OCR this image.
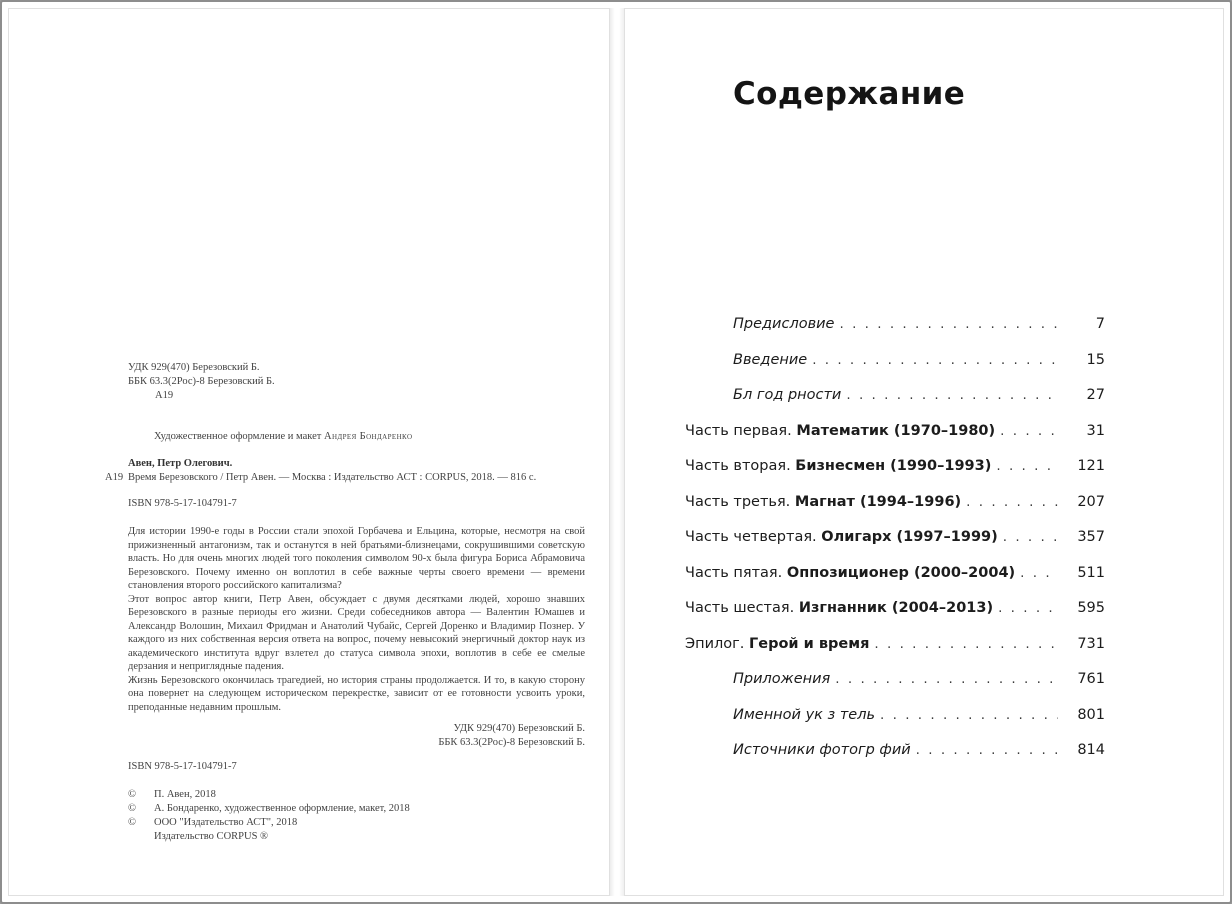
УДК 929(470) Березовский Б.
ББК 63.3(2Рос)-8 Березовский Б.
А19
Художественное оформление и макет Андрея Бондаренко
Авен, Петр Олегович.
А19 Время Березовского / Петр Авен. — Москва : Издательство АСТ : CORPUS, 2018. — 816 с.
ISBN 978-5-17-104791-7

Для истории 1990-е годы в России стали эпохой Горбачева и Ельцина, которые, несмотря на свой прижизненный антагонизм, так и останутся в ней братьями-близнецами, сокрушившими советскую власть. Но для очень многих людей того поколения символом 90-х была фигура Бориса Абрамовича Березовского. Почему именно он воплотил в себе важные черты своего времени — времени становления второго российского капитализма?

Этот вопрос автор книги, Петр Авен, обсуждает с двумя десятками людей, хорошо знавших Березовского в разные периоды его жизни. Среди собеседников автора — Валентин Юмашев и Александр Волошин, Михаил Фридман и Анатолий Чубайс, Сергей Доренко и Владимир Познер. У каждого из них собственная версия ответа на вопрос, почему невысокий энергичный доктор наук из академического института вдруг взлетел до статуса символа эпохи, воплотив в себе ее смелые дерзания и неприглядные падения.

Жизнь Березовского окончилась трагедией, но история страны продолжается. И то, в какую сторону она повернет на следующем историческом перекрестке, зависит от ее готовности усвоить уроки, преподанные недавним прошлым.

УДК 929(470) Березовский Б.
ББК 63.3(2Рос)-8 Березовский Б.
ISBN 978-5-17-104791-7
© П. Авен, 2018
© А. Бондаренко, художественное оформление, макет, 2018
© ООО "Издательство АСТ", 2018
Издательство CORPUS ®
Содержание
Предисловие . . .	7
Введение . . .	15
Бл год рности . . .	27
Часть первая. Математик (1970–1980) . . .	31
Часть вторая. Бизнесмен (1990–1993) . . .	121
Часть третья. Магнат (1994–1996) . . .	207
Часть четвертая. Олигарх (1997–1999) . . .	357
Часть пятая. Оппозиционер (2000–2004) . . .	511
Часть шестая. Изгнанник (2004–2013) . . .	595
Эпилог. Герой и время . . .	731
Приложения . . .	761
Именной ук з тель . . .	801
Источники фотогр фий . . .	814
